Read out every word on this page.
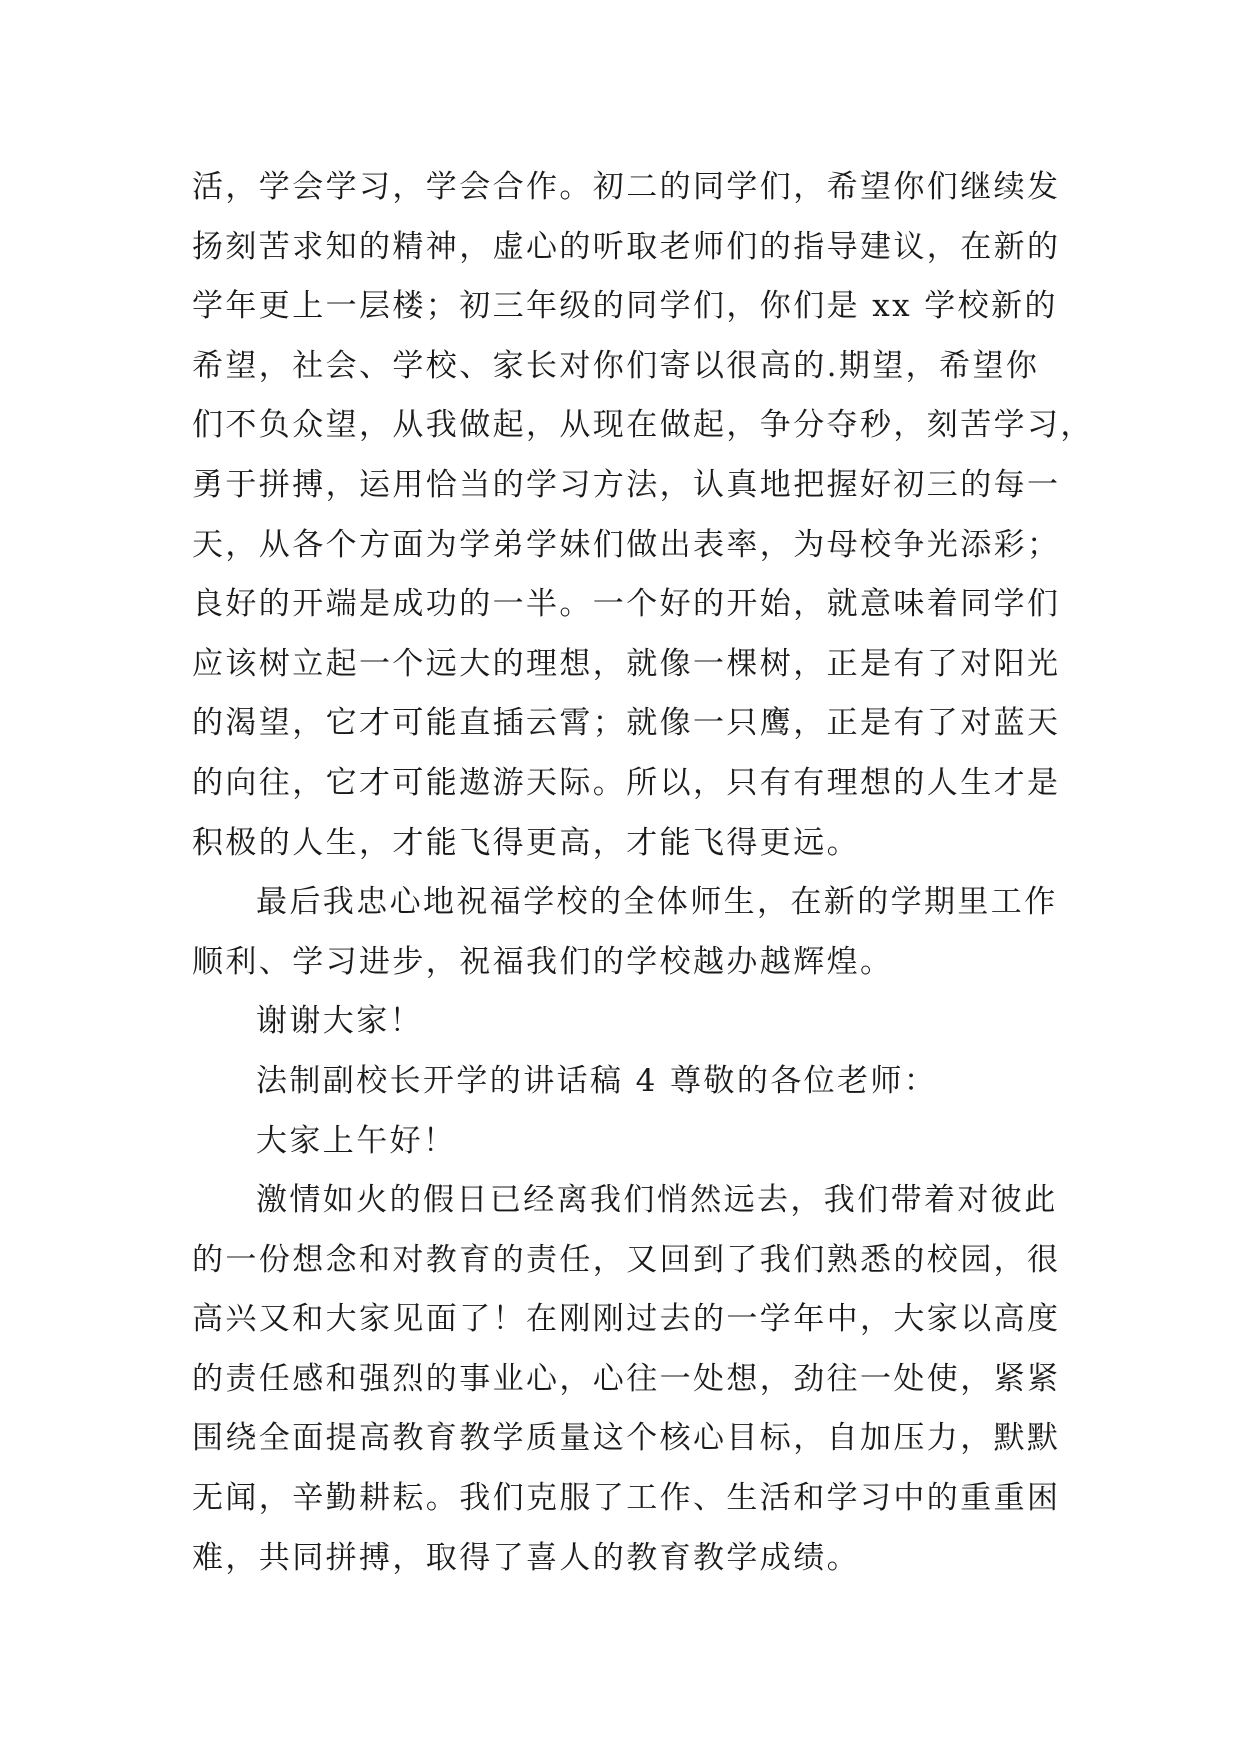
活，学会学习，学会合作。初二的同学们，希望你们继续发
扬刻苦求知的精神，虚心的听取老师们的指导建议，在新的
学年更上一层楼；初三年级的同学们，你们是 xx 学校新的
希望，社会、学校、家长对你们寄以很高的.期望，希望你
们不负众望，从我做起，从现在做起，争分夺秒，刻苦学习，
勇于拼搏，运用恰当的学习方法，认真地把握好初三的每一
天，从各个方面为学弟学妹们做出表率，为母校争光添彩；
良好的开端是成功的一半。一个好的开始，就意味着同学们
应该树立起一个远大的理想，就像一棵树，正是有了对阳光
的渴望，它才可能直插云霄；就像一只鹰，正是有了对蓝天
的向往，它才可能遨游天际。所以，只有有理想的人生才是
积极的人生，才能飞得更高，才能飞得更远。
最后我忠心地祝福学校的全体师生，在新的学期里工作
顺利、学习进步，祝福我们的学校越办越辉煌。
谢谢大家！
法制副校长开学的讲话稿 4 尊敬的各位老师：
大家上午好！
激情如火的假日已经离我们悄然远去，我们带着对彼此
的一份想念和对教育的责任，又回到了我们熟悉的校园，很
高兴又和大家见面了！在刚刚过去的一学年中，大家以高度
的责任感和强烈的事业心，心往一处想，劲往一处使，紧紧
围绕全面提高教育教学质量这个核心目标，自加压力，默默
无闻，辛勤耕耘。我们克服了工作、生活和学习中的重重困
难，共同拼搏，取得了喜人的教育教学成绩。
